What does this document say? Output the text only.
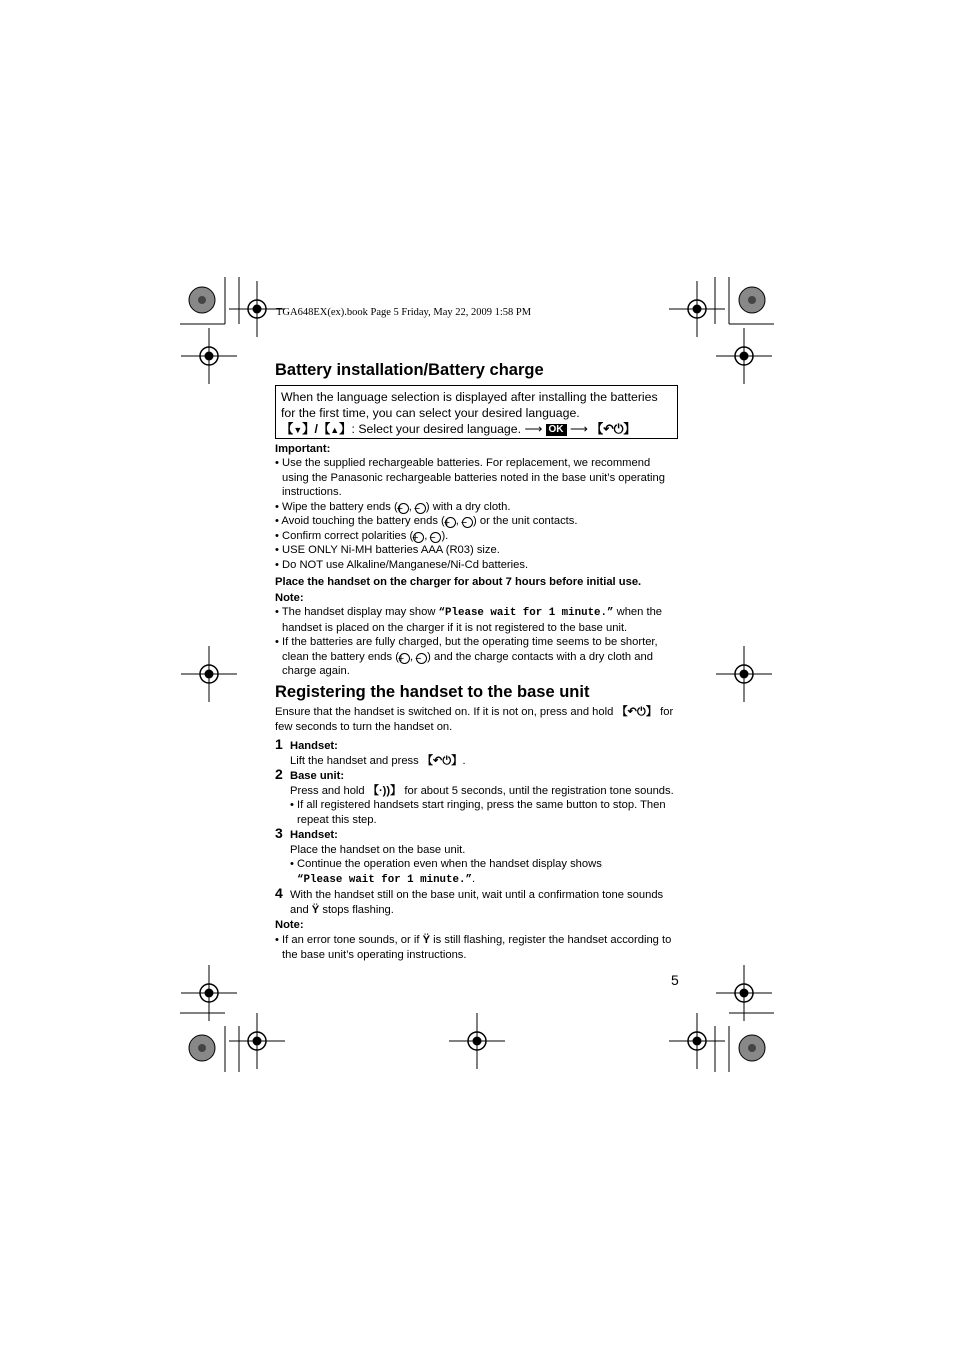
TGA648EX(ex).book Page 5 Friday, May 22, 2009 1:58 PM
Battery installation/Battery charge
When the language selection is displayed after installing the batteries
for the first time, you can select your desired language.
【▼】/【▲】: Select your desired language. ⟶ OK ⟶ 【↶⏻】
Important:
• Use the supplied rechargeable batteries. For replacement, we recommend using the Panasonic rechargeable batteries noted in the base unit’s operating instructions.
• Wipe the battery ends (+ , − ) with a dry cloth.
• Avoid touching the battery ends (+ , − ) or the unit contacts.
• Confirm correct polarities (+ , − ).
• USE ONLY Ni-MH batteries AAA (R03) size.
• Do NOT use Alkaline/Manganese/Ni-Cd batteries.
Place the handset on the charger for about 7 hours before initial use.
Note:
• The handset display may show “Please wait for 1 minute.” when the handset is placed on the charger if it is not registered to the base unit.
• If the batteries are fully charged, but the operating time seems to be shorter, clean the battery ends (+ , − ) and the charge contacts with a dry cloth and charge again.
Registering the handset to the base unit
Ensure that the handset is switched on. If it is not on, press and hold 【↶⏻】 for few seconds to turn the handset on.
1 Handset:
Lift the handset and press 【↶⏻】.
2 Base unit:
Press and hold 【·))】 for about 5 seconds, until the registration tone sounds.
• If all registered handsets start ringing, press the same button to stop. Then repeat this step.
3 Handset:
Place the handset on the base unit.
• Continue the operation even when the handset display shows
“Please wait for 1 minute.”.
4 With the handset still on the base unit, wait until a confirmation tone sounds and Ÿ stops flashing.
Note:
• If an error tone sounds, or if Ÿ is still flashing, register the handset according to the base unit’s operating instructions.
5
